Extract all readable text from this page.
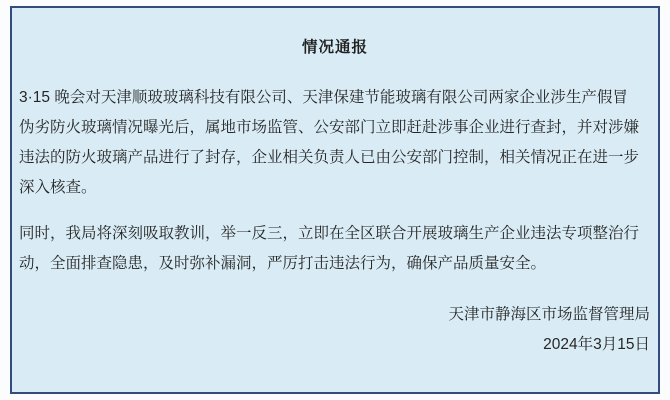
情况通报
3·15 晚会对天津顺玻玻璃科技有限公司、天津保建节能玻璃有限公司两家企业涉生产假冒
伪劣防火玻璃情况曝光后，属地市场监管、公安部门立即赶赴涉事企业进行查封，并对涉嫌
违法的防火玻璃产品进行了封存，企业相关负责人已由公安部门控制，相关情况正在进一步
深入核查。
同时，我局将深刻吸取教训，举一反三，立即在全区联合开展玻璃生产企业违法专项整治行
动，全面排查隐患，及时弥补漏洞，严厉打击违法行为，确保产品质量安全。
天津市静海区市场监督管理局
2024年3月15日
